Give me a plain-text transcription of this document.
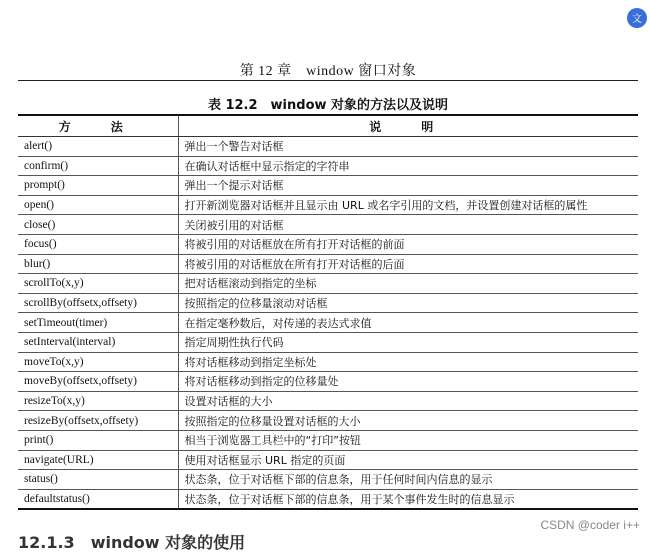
文
第 12 章　window 窗口对象
表 12.2　window 对象的方法以及说明
方　法	说　明
alert()	弹出一个警告对话框
confirm()	在确认对话框中显示指定的字符串
prompt()	弹出一个提示对话框
open()	打开新浏览器对话框并且显示由 URL 或名字引用的文档，并设置创建对话框的属性
close()	关闭被引用的对话框
focus()	将被引用的对话框放在所有打开对话框的前面
blur()	将被引用的对话框放在所有打开对话框的后面
scrollTo(x,y)	把对话框滚动到指定的坐标
scrollBy(offsetx,offsety)	按照指定的位移量滚动对话框
setTimeout(timer)	在指定毫秒数后，对传递的表达式求值
setInterval(interval)	指定周期性执行代码
moveTo(x,y)	将对话框移动到指定坐标处
moveBy(offsetx,offsety)	将对话框移动到指定的位移量处
resizeTo(x,y)	设置对话框的大小
resizeBy(offsetx,offsety)	按照指定的位移量设置对话框的大小
print()	相当于浏览器工具栏中的“打印”按钮
navigate(URL)	使用对话框显示 URL 指定的页面
status()	状态条，位于对话框下部的信息条，用于任何时间内信息的显示
defaultstatus()	状态条，位于对话框下部的信息条，用于某个事件发生时的信息显示
CSDN @coder i++
12.1.3　window 对象的使用
